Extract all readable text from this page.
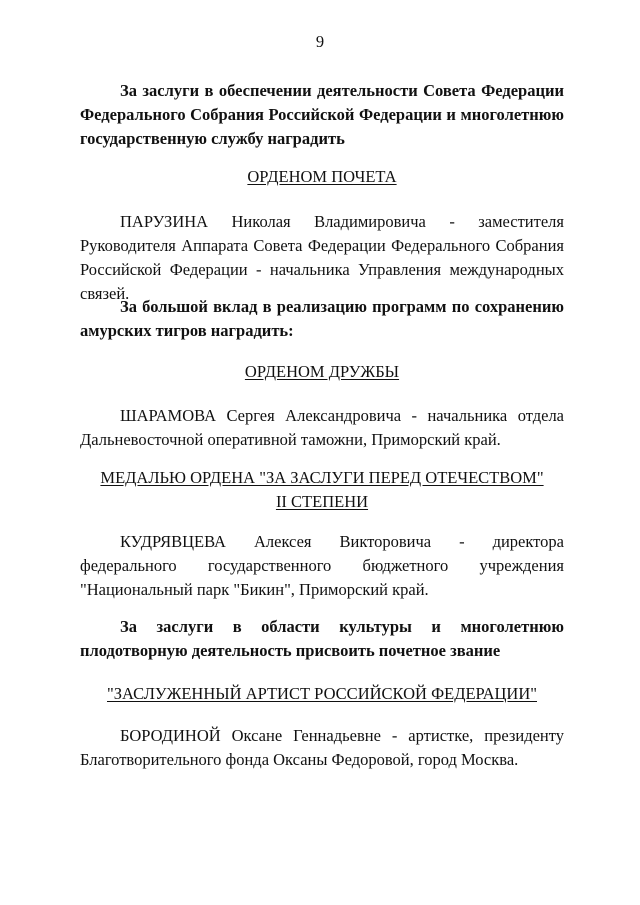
9
За заслуги в обеспечении деятельности Совета Федерации
Федерального Собрания Российской Федерации и многолетнюю
государственную службу наградить
ОРДЕНОМ ПОЧЕТА
ПАРУЗИНА Николая Владимировича - заместителя Руководителя Аппарата Совета Федерации Федерального Собрания Российской Федерации - начальника Управления международных связей.
За большой вклад в реализацию программ по сохранению амурских тигров наградить:
ОРДЕНОМ ДРУЖБЫ
ШАРАМОВА Сергея Александровича - начальника отдела Дальневосточной оперативной таможни, Приморский край.
МЕДАЛЬЮ ОРДЕНА "ЗА ЗАСЛУГИ ПЕРЕД ОТЕЧЕСТВОМ"
II СТЕПЕНИ
КУДРЯВЦЕВА Алексея Викторовича - директора федерального государственного бюджетного учреждения "Национальный парк "Бикин", Приморский край.
За заслуги в области культуры и многолетнюю
плодотворную деятельность присвоить почетное звание
"ЗАСЛУЖЕННЫЙ АРТИСТ РОССИЙСКОЙ ФЕДЕРАЦИИ"
БОРОДИНОЙ Оксане Геннадьевне - артистке, президенту Благотворительного фонда Оксаны Федоровой, город Москва.
